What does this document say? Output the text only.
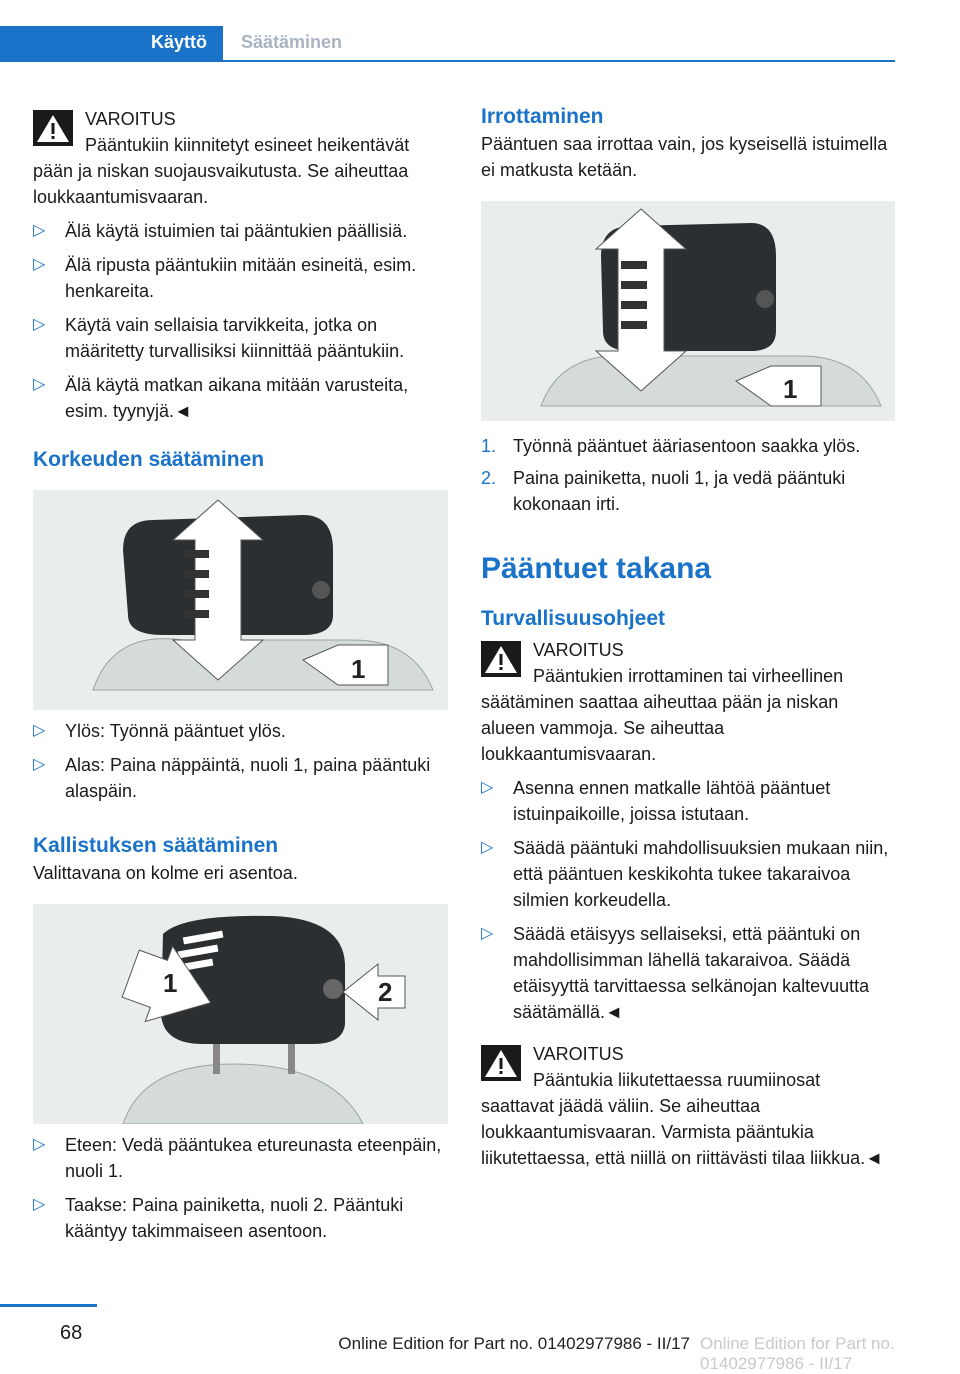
Käyttö	Säätäminen
VAROITUS
Pääntukiin kiinnitetyt esineet heikentävät
pään ja niskan suojausvaikutusta. Se aiheuttaa loukkaantumisvaaran.
▷ Älä käytä istuimien tai pääntukien päällisiä.
▷ Älä ripusta pääntukiin mitään esineitä, esim. henkareita.
▷ Käytä vain sellaisia tarvikkeita, jotka on määritetty turvallisiksi kiinnittää pääntukiin.
▷ Älä käytä matkan aikana mitään varusteita, esim. tyynyjä.◄
Korkeuden säätäminen
1
▷ Ylös: Työnnä pääntuet ylös.
▷ Alas: Paina näppäintä, nuoli 1, paina pääntuki alaspäin.
Kallistuksen säätäminen
Valittavana on kolme eri asentoa.
1	2
▷ Eteen: Vedä pääntukea etureunasta eteenpäin, nuoli 1.
▷ Taakse: Paina painiketta, nuoli 2. Pääntuki kääntyy takimmaiseen asentoon.
Irrottaminen
Pääntuen saa irrottaa vain, jos kyseisellä istuimella ei matkusta ketään.
1
1. Työnnä pääntuet ääriasentoon saakka ylös.
2. Paina painiketta, nuoli 1, ja vedä pääntuki kokonaan irti.
Pääntuet takana
Turvallisuusohjeet
VAROITUS
Pääntukien irrottaminen tai virheellinen
säätäminen saattaa aiheuttaa pään ja niskan alueen vammoja. Se aiheuttaa loukkaantumisvaaran.
▷ Asenna ennen matkalle lähtöä pääntuet istuinpaikoille, joissa istutaan.
▷ Säädä pääntuki mahdollisuuksien mukaan niin, että pääntuen keskikohta tukee takaraivoa silmien korkeudella.
▷ Säädä etäisyys sellaiseksi, että pääntuki on mahdollisimman lähellä takaraivoa. Säädä etäisyyttä tarvittaessa selkänojan kaltevuutta säätämällä.◄
VAROITUS
Pääntukia liikutettaessa ruumiinosat
saattavat jäädä väliin. Se aiheuttaa loukkaantumisvaaran. Varmista pääntukia liikutettaessa, että niillä on riittävästi tilaa liikkua.◄
68	Online Edition for Part no. 01402977986 - II/17 Online Edition for Part no. 01402977986 - II/17
